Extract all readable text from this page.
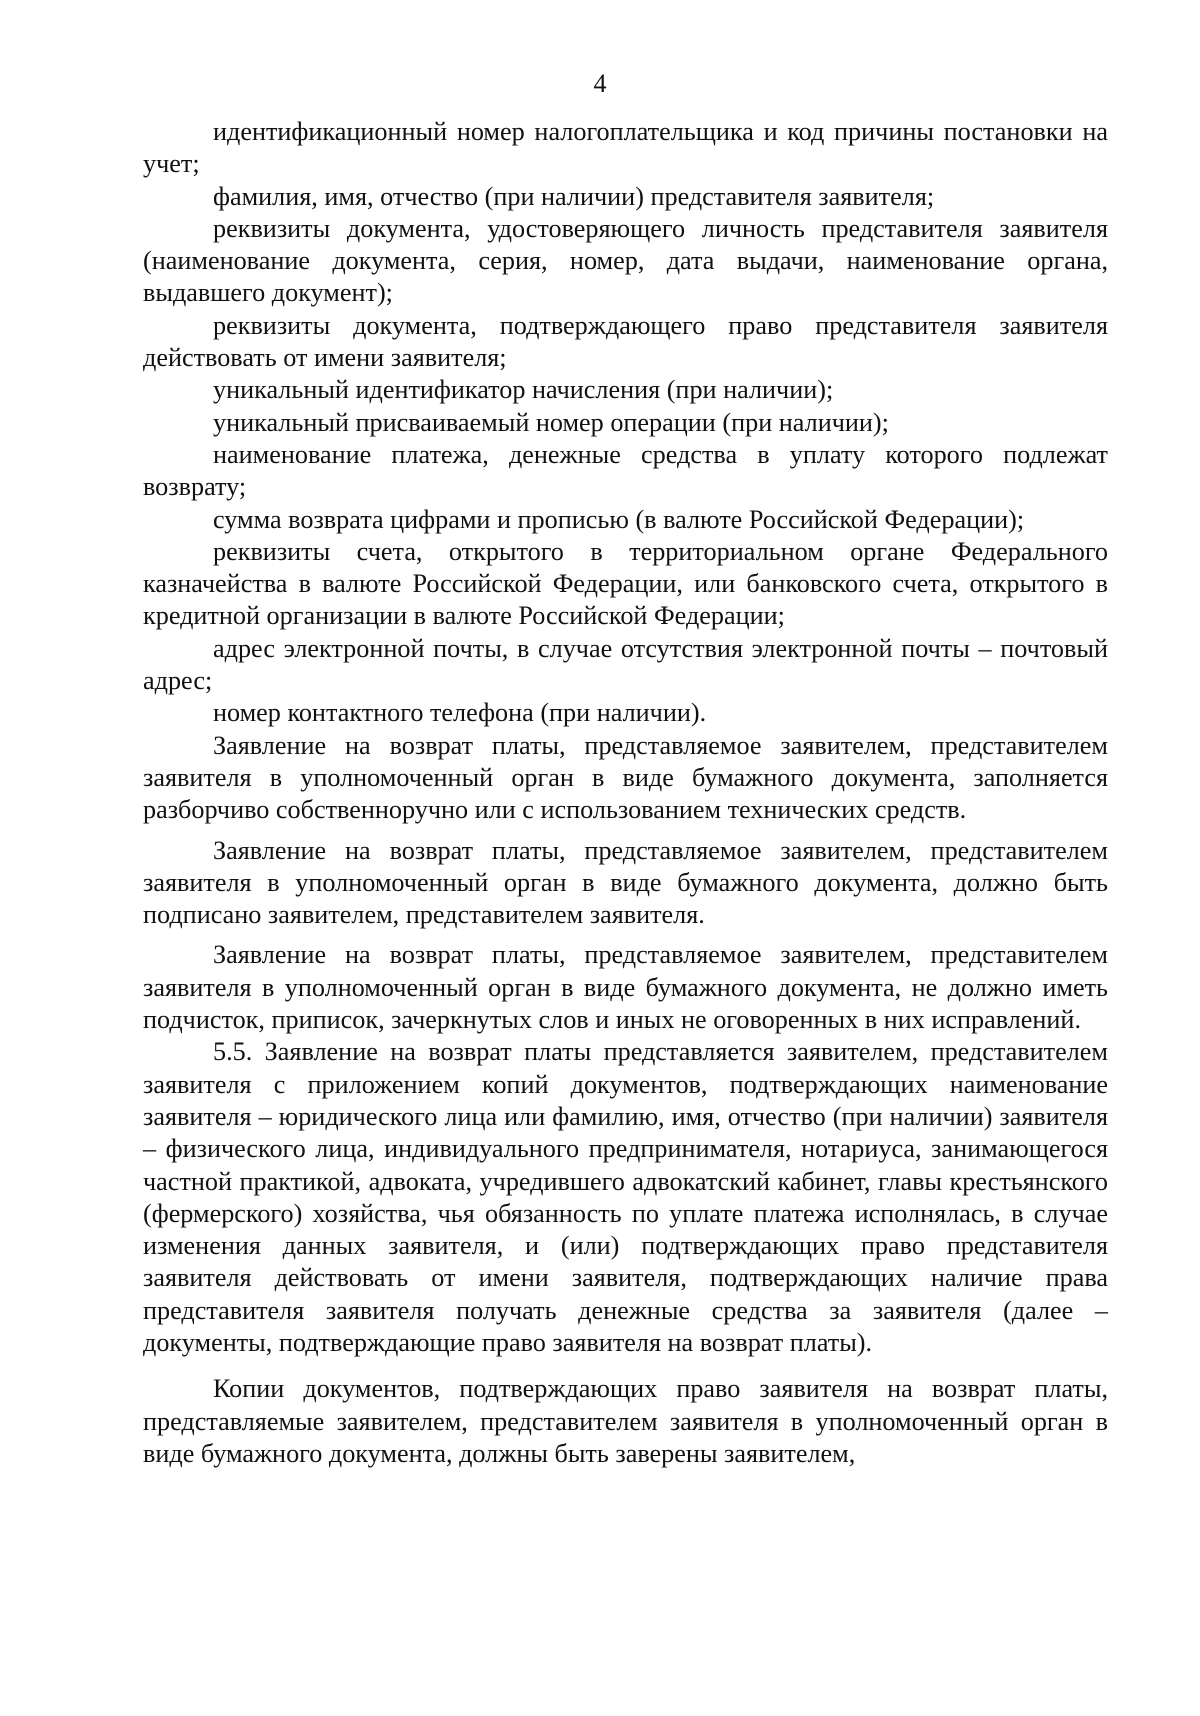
4

идентификационный номер налогоплательщика и код причины постановки на учет;

фамилия, имя, отчество (при наличии) представителя заявителя;

реквизиты документа, удостоверяющего личность представителя заявителя (наименование документа, серия, номер, дата выдачи, наименование органа, выдавшего документ);

реквизиты документа, подтверждающего право представителя заявителя действовать от имени заявителя;

уникальный идентификатор начисления (при наличии);

уникальный присваиваемый номер операции (при наличии);

наименование платежа, денежные средства в уплату которого подлежат возврату;

сумма возврата цифрами и прописью (в валюте Российской Федерации);

реквизиты счета, открытого в территориальном органе Федерального казначейства в валюте Российской Федерации, или банковского счета, открытого в кредитной организации в валюте Российской Федерации;

адрес электронной почты, в случае отсутствия электронной почты – почтовый адрес;

номер контактного телефона (при наличии).

Заявление на возврат платы, представляемое заявителем, представителем заявителя в уполномоченный орган в виде бумажного документа, заполняется разборчиво собственноручно или с использованием технических средств.

Заявление на возврат платы, представляемое заявителем, представителем заявителя в уполномоченный орган в виде бумажного документа, должно быть подписано заявителем, представителем заявителя.

Заявление на возврат платы, представляемое заявителем, представителем заявителя в уполномоченный орган в виде бумажного документа, не должно иметь подчисток, приписок, зачеркнутых слов и иных не оговоренных в них исправлений.

5.5. Заявление на возврат платы представляется заявителем, представителем заявителя с приложением копий документов, подтверждающих наименование заявителя – юридического лица или фамилию, имя, отчество (при наличии) заявителя – физического лица, индивидуального предпринимателя, нотариуса, занимающегося частной практикой, адвоката, учредившего адвокатский кабинет, главы крестьянского (фермерского) хозяйства, чья обязанность по уплате платежа исполнялась, в случае изменения данных заявителя, и (или) подтверждающих право представителя заявителя действовать от имени заявителя, подтверждающих наличие права представителя заявителя получать денежные средства за заявителя (далее – документы, подтверждающие право заявителя на возврат платы).

Копии документов, подтверждающих право заявителя на возврат платы, представляемые заявителем, представителем заявителя в уполномоченный орган в виде бумажного документа, должны быть заверены заявителем,
